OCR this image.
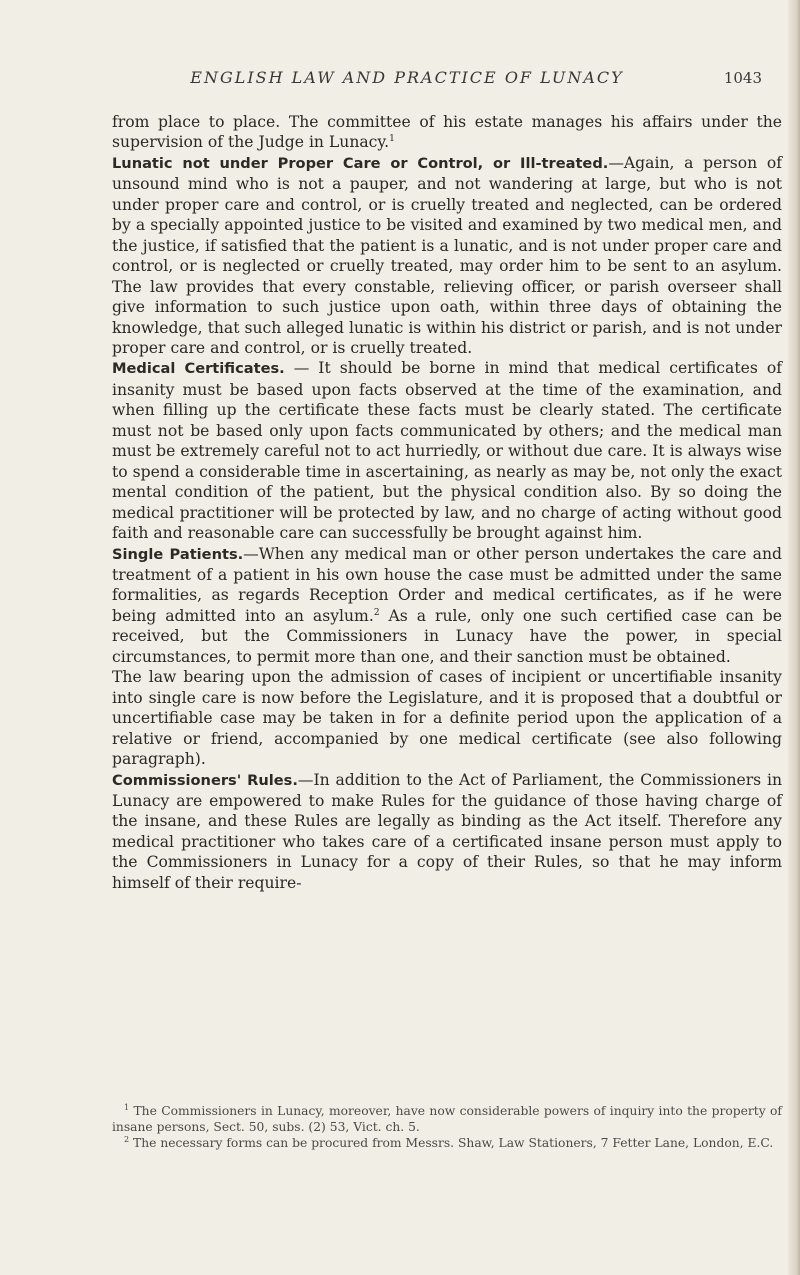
ENGLISH LAW AND PRACTICE OF LUNACY	1043

from place to place. The committee of his estate manages his affairs under the supervision of the Judge in Lunacy.$^1$

Lunatic not under Proper Care or Control, or Ill-treated.—Again, a person of unsound mind who is not a pauper, and not wandering at large, but who is not under proper care and control, or is cruelly treated and neglected, can be ordered by a specially appointed justice to be visited and examined by two medical men, and the justice, if satisfied that the patient is a lunatic, and is not under proper care and control, or is neglected or cruelly treated, may order him to be sent to an asylum. The law provides that every constable, relieving officer, or parish overseer shall give information to such justice upon oath, within three days of obtaining the knowledge, that such alleged lunatic is within his district or parish, and is not under proper care and control, or is cruelly treated.

Medical Certificates. — It should be borne in mind that medical certificates of insanity must be based upon facts observed at the time of the examination, and when filling up the certificate these facts must be clearly stated. The certificate must not be based only upon facts communicated by others; and the medical man must be extremely careful not to act hurriedly, or without due care. It is always wise to spend a considerable time in ascertaining, as nearly as may be, not only the exact mental condition of the patient, but the physical condition also. By so doing the medical practitioner will be protected by law, and no charge of acting without good faith and reasonable care can successfully be brought against him.

Single Patients.—When any medical man or other person undertakes the care and treatment of a patient in his own house the case must be admitted under the same formalities, as regards Reception Order and medical certificates, as if he were being admitted into an asylum.$^2$ As a rule, only one such certified case can be received, but the Commissioners in Lunacy have the power, in special circumstances, to permit more than one, and their sanction must be obtained.

The law bearing upon the admission of cases of incipient or uncertifiable insanity into single care is now before the Legislature, and it is proposed that a doubtful or uncertifiable case may be taken in for a definite period upon the application of a relative or friend, accompanied by one medical certificate (see also following paragraph).

Commissioners' Rules.—In addition to the Act of Parliament, the Commissioners in Lunacy are empowered to make Rules for the guidance of those having charge of the insane, and these Rules are legally as binding as the Act itself. Therefore any medical practitioner who takes care of a certificated insane person must apply to the Commissioners in Lunacy for a copy of their Rules, so that he may inform himself of their require-

$^1$ The Commissioners in Lunacy, moreover, have now considerable powers of inquiry into the property of insane persons, Sect. 50, subs. (2) 53, Vict. ch. 5.

$^2$ The necessary forms can be procured from Messrs. Shaw, Law Stationers, 7 Fetter Lane, London, E.C.
